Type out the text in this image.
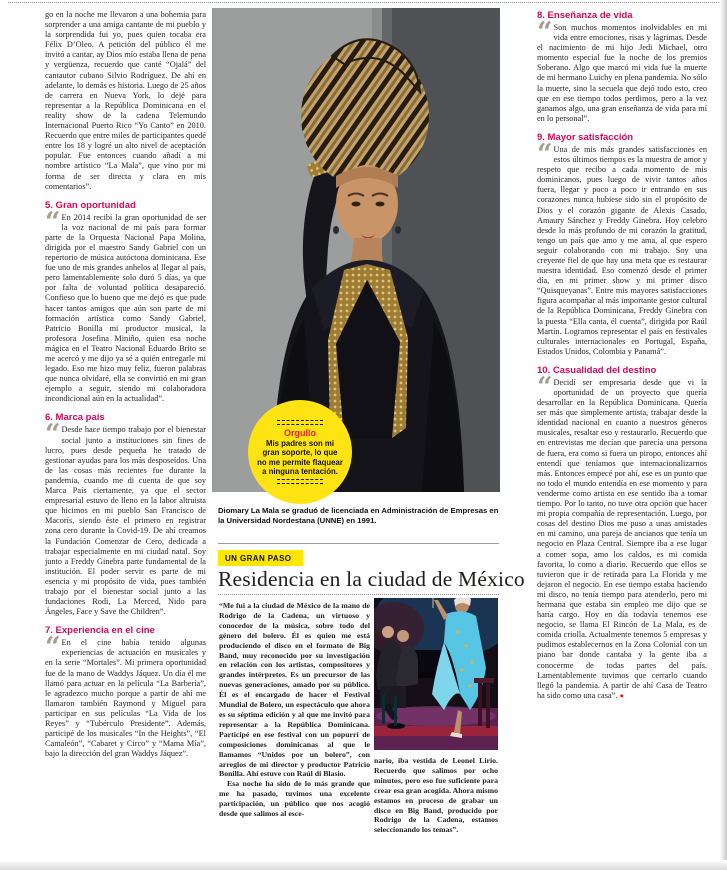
go en la noche me llevaron a una bohemia para sorprender a una amiga cantante de mi pueblo y la sorprendida fui yo, pues quien tocaba era Félix D’Oleo. A petición del público él me invitó a cantar, ay Dios mío estaba llena de pena y vergüenza, recuerdo que canté “Ojalá” del cantautor cubano Silvio Rodríguez. De ahí en adelante, lo demás es historia. Luego de 25 años de carrera en Nueva York, lo dejé para representar a la República Dominicana en el reality show de la cadena Telemundo Internacional Puerto Rico “Yo Canto” en 2010. Recuerdo que entre miles de participantes quedé entre los 18 y logré un alto nivel de aceptación popular. Fue entonces cuando añadí a mi nombre artístico “La Mala”, que vino por mi forma de ser directa y clara en mis comentarios”.

5. Gran oportunidad

“ En 2014 recibí la gran oportunidad de ser la voz nacional de mi país para formar parte de la Orquesta Nacional Papa Molina, dirigida por el maestro Sandy Gabriel con un repertorio de música autóctona dominicana. Ese fue uno de mis grandes anhelos al llegar al país, pero lamentablemente solo duró 5 días, ya que por falta de voluntad política desapareció. Confieso que lo bueno que me dejó es que pude hacer tantos amigos que aún son parte de mi formación artística como Sandy Gabriel, Patricio Bonilla mi productor musical, la profesora Josefina Miniño, quien esa noche mágica en el Teatro Nacional Eduardo Brito se me acercó y me dijo ya sé a quién entregarle mi legado. Eso me hizo muy feliz, fueron palabras que nunca olvidaré, ella se convirtió en mi gran ejemplo a seguir, siendo mi colaboradora incondicional aún en la actualidad”.

6. Marca país

“ Desde hace tiempo trabajo por el bienestar social junto a instituciones sin fines de lucro, pues desde pequeña he tratado de gestionar ayudas para los más desposeídos. Una de las cosas más recientes fue durante la pandemia, cuando me di cuenta de que soy Marca País ciertamente, ya que el sector empresarial estuvo de lleno en la labor altruista que hicimos en mi pueblo San Francisco de Macorís, siendo éste el primero en registrar zona cero durante la Covid-19. De ahí creamos la Fundación Comenzar de Cero, dedicada a trabajar especialmente en mi ciudad natal. Soy junto a Freddy Ginebra parte fundamental de la institución. El poder servir es parte de mi esencia y mi propósito de vida, pues también trabajo por el bienestar social junto a las fundaciones Rodi, La Merced, Nido para Ángeles, Face y Save the Children”.

7. Experiencia en el cine

“ En el cine había tenido algunas experiencias de actuación en musicales y en la serie “Mortales”. Mi primera oportunidad fue de la mano de Waddys Jáquez. Un día él me llamó para actuar en la película “La Barbería”, le agradezco mucho porque a partir de ahí me llamaron también Raymond y Miguel para participar en sus películas “La Vida de los Reyes” y “Tubérculo Presidente”. Además, participé de los musicales “In the Heights”, “El Camaleón”, “Cabaret y Circo” y “Mama Mía”, bajo la dirección del gran Waddys Jáquez”.

Orgullo
Mis padres son mi gran soporte, lo que no me permite flaquear a ninguna tentación.

Diomary La Mala se graduó de licenciada en Administración de Empresas en la Universidad Nordestana (UNNE) en 1991.

8. Enseñanza de vida

“ Son muchos momentos inolvidables en mi vida entre emociones, risas y lágrimas. Desde el nacimiento de mi hijo Jedi Michael, otro momento especial fue la noche de los premios Soberano. Algo que marcó mi vida fue la muerte de mi hermano Luichy en plena pandemia. No sólo la muerte, sino la secuela que dejó todo esto, creo que en ese tiempo todos perdimos, pero a la vez ganamos algo, una gran enseñanza de vida para mí en lo personal”.

9. Mayor satisfacción

“ Una de mis más grandes satisfacciones en estos últimos tiempos es la muestra de amor y respeto que recibo a cada momento de mis dominicanos, pues luego de vivir tantos años fuera, llegar y poco a poco ir entrando en sus corazones nunca hubiese sido sin el propósito de Dios y el corazón gigante de Alexis Casado, Amaury Sánchez y Freddy Ginebra. Hoy celebro desde lo más profundo de mi corazón la gratitud, tengo un país que amo y me ama, al que espero seguir colaborando con mi trabajo. Soy una creyente fiel de que hay una meta que es restaurar nuestra identidad. Eso comenzó desde el primer día, en mi primer show y mi primer disco “Quisqueyanas”. Entre mis mayores satisfacciones figura acompañar al más importante gestor cultural de la República Dominicana, Freddy Ginebra con la puesta “Ella canta, él cuenta”, dirigida por Raúl Martín. Logramos representar el país en festivales culturales internacionales en Portugal, España, Estados Unidos, Colombia y Panamá”.

10. Casualidad del destino

“ Decidí ser empresaria desde que vi la oportunidad de un proyecto que quería desarrollar en la República Dominicana. Quería ser más que simplemente artista, trabajar desde la identidad nacional en cuanto a nuestros géneros musicales, resaltar eso y restaurarlo. Recuerdo que en entrevistas me decían que parecía una persona de fuera, era como si fuera un piropo, entonces ahí entendí que teníamos que internacionalizarnos más. Entonces empecé por ahí, ese es un punto que no todo el mundo entendía en ese momento y para venderme como artista en ese sentido iba a tomar tiempo. Por lo tanto, no tuve otra opción que hacer mi propia compañía de representación. Luego, por cosas del destino Dios me puso a unas amistades en mi camino, una pareja de ancianos que tenía un negocio en Plaza Central. Siempre iba a ese lugar a comer sopa, amo los caldos, es mi comida favorita, lo como a diario. Recuerdo que ellos se tuvieron que ir de retirada para La Florida y me dejaron el negocio. En ese tiempo estaba haciendo mi disco, no tenía tiempo para atenderlo, pero mi hermana que estaba sin empleo me dijo que se haría cargo. Hoy en día todavía tenemos ese negocio, se llama El Rincón de La Mala, es de comida criolla. Actualmente tenemos 5 empresas y pudimos establecernos en la Zona Colonial con un piano bar donde cantaba y la gente iba a conocerme de todas partes del país. Lamentablemente tuvimos que cerrarlo cuando llegó la pandemia. A partir de ahí Casa de Teatro ha sido como una casa”. ●

UN GRAN PASO
Residencia en la ciudad de México

“Me fui a la ciudad de México de la mano de Rodrigo de la Cadena, un virtuoso y conocedor de la música, sobre todo del género del bolero. Él es quien me está produciendo el disco en el formato de Big Band, muy reconocido por su investigación en relación con los artistas, compositores y grandes intérpretes. Es un precursor de las nuevas generaciones, amado por su público. Él es el encargado de hacer el Festival Mundial de Bolero, un espectáculo que ahora es su séptima edición y al que me invitó para representar a la República Dominicana. Participé en ese festival con un popurrí de composiciones dominicanas al que le llamamos “Unidos por un bolero”, con arreglos de mi director y productor Patricio Bonilla. Ahí estuve con Raúl di Blasio.

Esa noche ha sido de lo más grande que me ha pasado, tuvimos una excelente participación, un público que nos acogió desde que salimos al esce-

nario, iba vestida de Leonel Lirio. Recuerdo que salimos por ocho minutos, pero eso fue suficiente para crear esa gran acogida. Ahora mismo estamos en proceso de grabar un disco en Big Band, producido por Rodrigo de la Cadena, estamos seleccionando los temas”.
